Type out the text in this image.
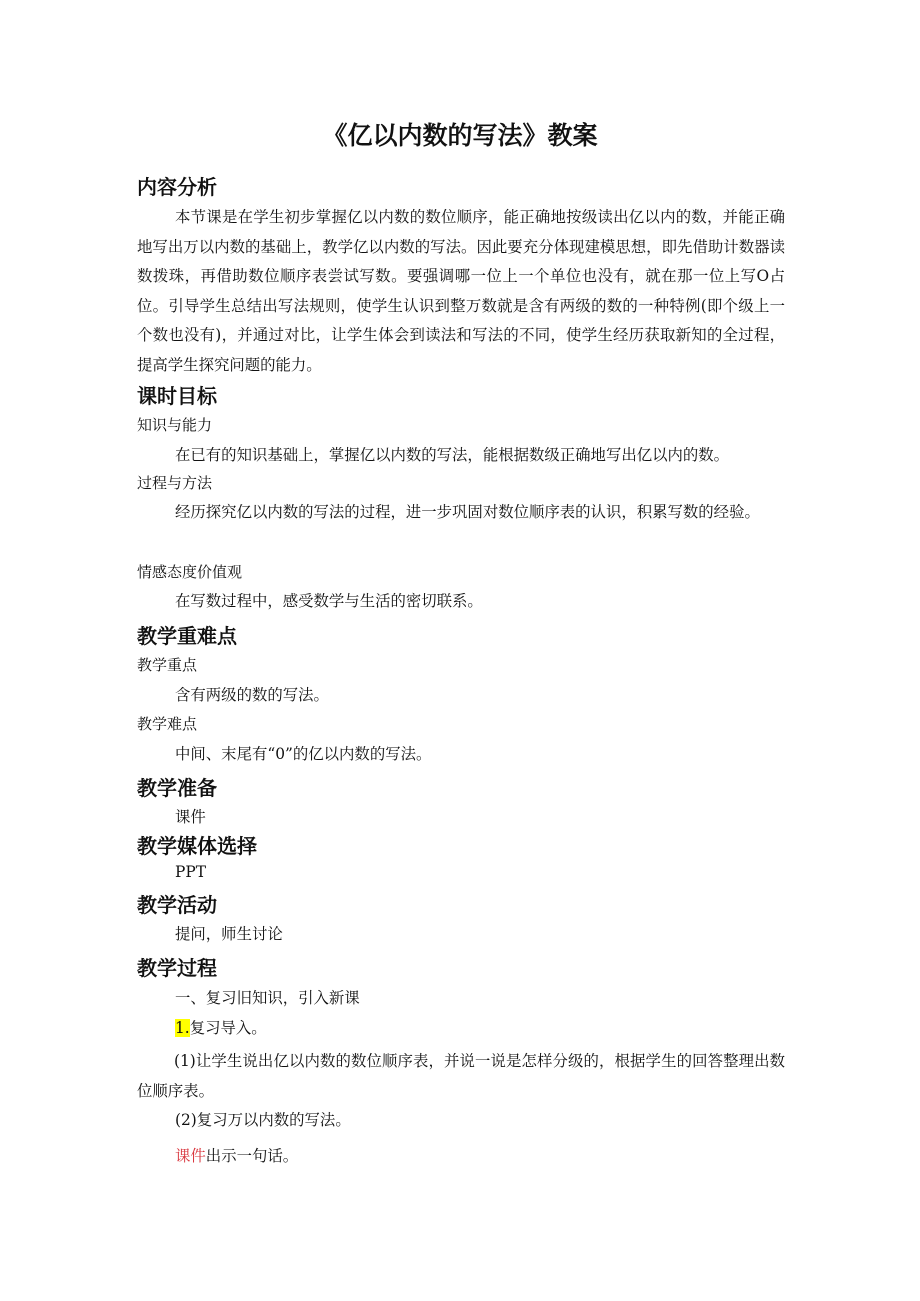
《亿以内数的写法》教案
内容分析
本节课是在学生初步掌握亿以内数的数位顺序，能正确地按级读出亿以内的数，并能正确地写出万以内数的基础上，教学亿以内数的写法。因此要充分体现建模思想，即先借助计数器读数拨珠，再借助数位顺序表尝试写数。要强调哪一位上一个单位也没有，就在那一位上写O占位。引导学生总结出写法规则，使学生认识到整万数就是含有两级的数的一种特例(即个级上一个数也没有)，并通过对比，让学生体会到读法和写法的不同，使学生经历获取新知的全过程，提高学生探究问题的能力。
课时目标
知识与能力
在已有的知识基础上，掌握亿以内数的写法，能根据数级正确地写出亿以内的数。
过程与方法
经历探究亿以内数的写法的过程，进一步巩固对数位顺序表的认识，积累写数的经验。
情感态度价值观
在写数过程中，感受数学与生活的密切联系。
教学重难点
教学重点
含有两级的数的写法。
教学难点
中间、末尾有“0”的亿以内数的写法。
教学准备
课件
教学媒体选择
PPT
教学活动
提问，师生讨论
教学过程
一、复习旧知识，引入新课
1.复习导入。
(1)让学生说出亿以内数的数位顺序表，并说一说是怎样分级的，根据学生的回答整理出数位顺序表。
(2)复习万以内数的写法。
课件出示一句话。
